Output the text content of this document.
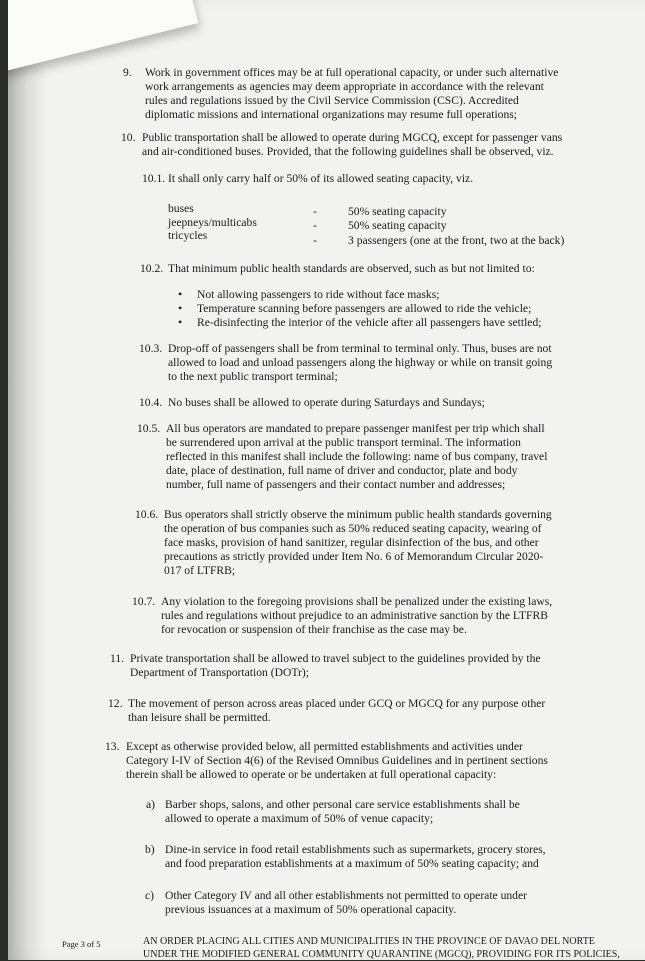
9. Work in government offices may be at full operational capacity, or under such alternative
work arrangements as agencies may deem appropriate in accordance with the relevant
rules and regulations issued by the Civil Service Commission (CSC). Accredited
diplomatic missions and international organizations may resume full operations;
10. Public transportation shall be allowed to operate during MGCQ, except for passenger vans
and air-conditioned buses. Provided, that the following guidelines shall be observed, viz.
10.1. It shall only carry half or 50% of its allowed seating capacity, viz.
buses	-	50% seating capacity
jeepneys/multicabs	-	50% seating capacity
tricycles	-	3 passengers (one at the front, two at the back)
10.2. That minimum public health standards are observed, such as but not limited to:
• Not allowing passengers to ride without face masks;
• Temperature scanning before passengers are allowed to ride the vehicle;
• Re-disinfecting the interior of the vehicle after all passengers have settled;
10.3. Drop-off of passengers shall be from terminal to terminal only. Thus, buses are not
allowed to load and unload passengers along the highway or while on transit going
to the next public transport terminal;
10.4. No buses shall be allowed to operate during Saturdays and Sundays;
10.5. All bus operators are mandated to prepare passenger manifest per trip which shall
be surrendered upon arrival at the public transport terminal. The information
reflected in this manifest shall include the following: name of bus company, travel
date, place of destination, full name of driver and conductor, plate and body
number, full name of passengers and their contact number and addresses;
10.6. Bus operators shall strictly observe the minimum public health standards governing
the operation of bus companies such as 50% reduced seating capacity, wearing of
face masks, provision of hand sanitizer, regular disinfection of the bus, and other
precautions as strictly provided under Item No. 6 of Memorandum Circular 2020-
017 of LTFRB;
10.7. Any violation to the foregoing provisions shall be penalized under the existing laws,
rules and regulations without prejudice to an administrative sanction by the LTFRB
for revocation or suspension of their franchise as the case may be.
11. Private transportation shall be allowed to travel subject to the guidelines provided by the
Department of Transportation (DOTr);
12. The movement of person across areas placed under GCQ or MGCQ for any purpose other
than leisure shall be permitted.
13. Except as otherwise provided below, all permitted establishments and activities under
Category I-IV of Section 4(6) of the Revised Omnibus Guidelines and in pertinent sections
therein shall be allowed to operate or be undertaken at full operational capacity:
a) Barber shops, salons, and other personal care service establishments shall be
allowed to operate a maximum of 50% of venue capacity;
b) Dine-in service in food retail establishments such as supermarkets, grocery stores,
and food preparation establishments at a maximum of 50% seating capacity; and
c) Other Category IV and all other establishments not permitted to operate under
previous issuances at a maximum of 50% operational capacity.
Page 3 of 5	AN ORDER PLACING ALL CITIES AND MUNICIPALITIES IN THE PROVINCE OF DAVAO DEL NORTE
UNDER THE MODIFIED GENERAL COMMUNITY QUARANTINE (MGCQ), PROVIDING FOR ITS POLICIES,
